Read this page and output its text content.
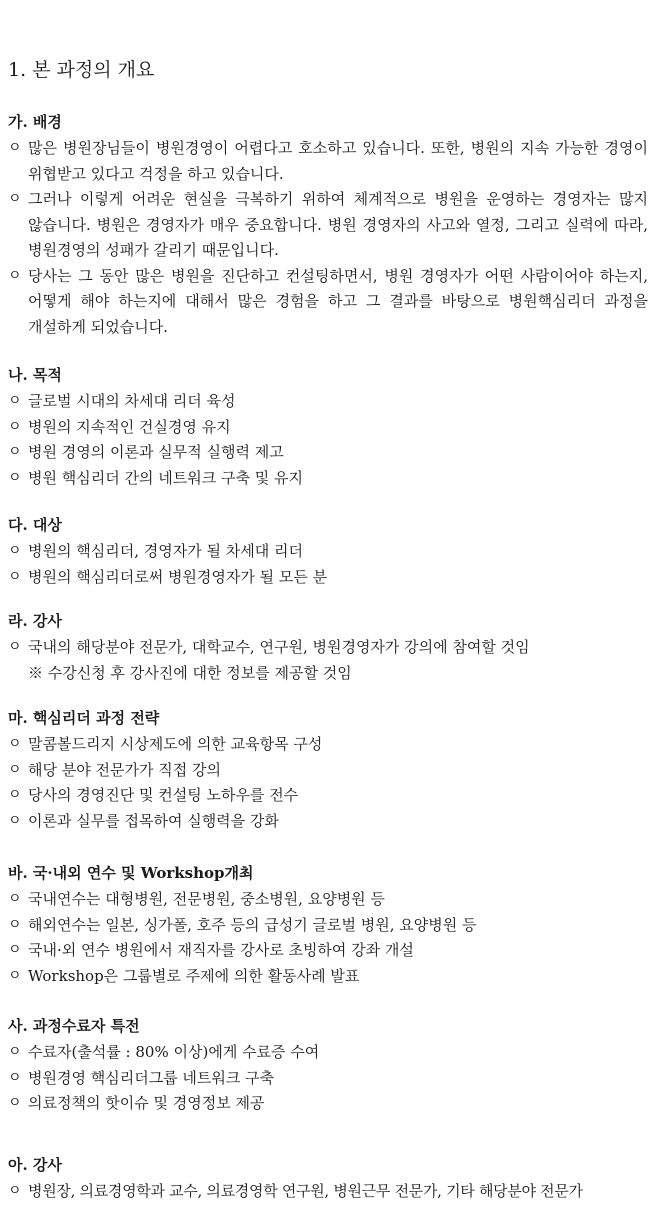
1. 본 과정의 개요
가. 배경
ㅇ 많은 병원장님들이 병원경영이 어렵다고 호소하고 있습니다. 또한, 병원의 지속 가능한 경영이 위협받고 있다고 걱정을 하고 있습니다.
ㅇ 그러나 이렇게 어려운 현실을 극복하기 위하여 체계적으로 병원을 운영하는 경영자는 많지 않습니다. 병원은 경영자가 매우 중요합니다. 병원 경영자의 사고와 열정, 그리고 실력에 따라, 병원경영의 성패가 갈리기 때문입니다.
ㅇ 당사는 그 동안 많은 병원을 진단하고 컨설팅하면서, 병원 경영자가 어떤 사람이어야 하는지, 어떻게 해야 하는지에 대해서 많은 경험을 하고 그 결과를 바탕으로 병원핵심리더 과정을 개설하게 되었습니다.
나. 목적
ㅇ 글로벌 시대의 차세대 리더 육성
ㅇ 병원의 지속적인 건실경영 유지
ㅇ 병원 경영의 이론과 실무적 실행력 제고
ㅇ 병원 핵심리더 간의 네트워크 구축 및 유지
다. 대상
ㅇ 병원의 핵심리더, 경영자가 될 차세대 리더
ㅇ 병원의 핵심리더로써 병원경영자가 될 모든 분
라. 강사
ㅇ 국내의 해당분야 전문가, 대학교수, 연구원, 병원경영자가 강의에 참여할 것임
※ 수강신청 후 강사진에 대한 정보를 제공할 것임
마. 핵심리더 과정 전략
ㅇ 말콤볼드리지 시상제도에 의한 교육항목 구성
ㅇ 해당 분야 전문가가 직접 강의
ㅇ 당사의 경영진단 및 컨설팅 노하우를 전수
ㅇ 이론과 실무를 접목하여 실행력을 강화
바. 국·내외 연수 및 Workshop개최
ㅇ 국내연수는 대형병원, 전문병원, 중소병원, 요양병원 등
ㅇ 해외연수는 일본, 싱가폴, 호주 등의 급성기 글로벌 병원, 요양병원 등
ㅇ 국내·외 연수 병원에서 재직자를 강사로 초빙하여 강좌 개설
ㅇ Workshop은 그룹별로 주제에 의한 활동사례 발표
사. 과정수료자 특전
ㅇ 수료자(출석률 : 80% 이상)에게 수료증 수여
ㅇ 병원경영 핵심리더그룹 네트워크 구축
ㅇ 의료정책의 핫이슈 및 경영정보 제공
아. 강사
ㅇ 병원장, 의료경영학과 교수, 의료경영학 연구원, 병원근무 전문가, 기타 해당분야 전문가
